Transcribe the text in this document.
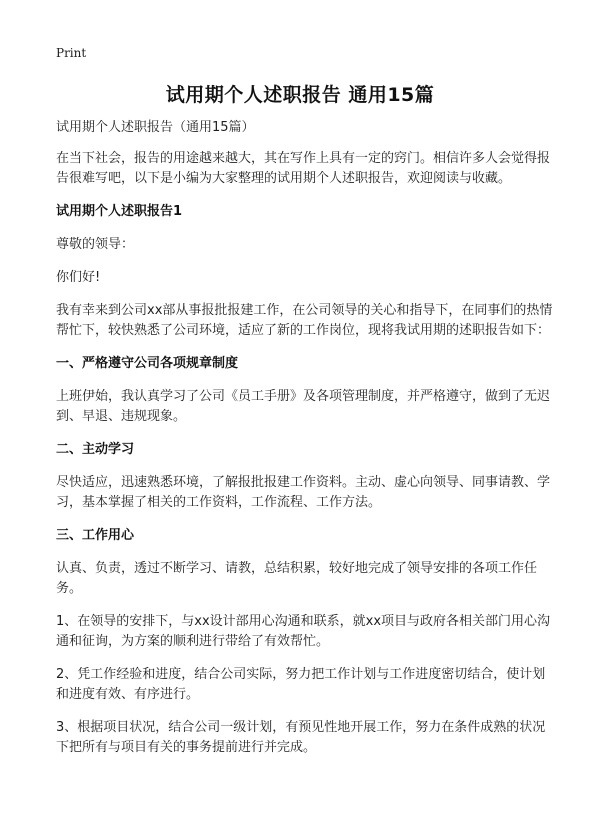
Print
试用期个人述职报告 通用15篇

试用期个人述职报告（通用15篇）

在当下社会，报告的用途越来越大，其在写作上具有一定的窍门。相信许多人会觉得报告很难写吧，以下是小编为大家整理的试用期个人述职报告，欢迎阅读与收藏。

试用期个人述职报告1

尊敬的领导：

你们好!

我有幸来到公司xx部从事报批报建工作，在公司领导的关心和指导下，在同事们的热情帮忙下，较快熟悉了公司环境，适应了新的工作岗位，现将我试用期的述职报告如下：

一、严格遵守公司各项规章制度

上班伊始，我认真学习了公司《员工手册》及各项管理制度，并严格遵守，做到了无迟到、早退、违规现象。

二、主动学习

尽快适应，迅速熟悉环境，了解报批报建工作资料。主动、虚心向领导、同事请教、学习，基本掌握了相关的工作资料，工作流程、工作方法。

三、工作用心

认真、负责，透过不断学习、请教，总结积累，较好地完成了领导安排的各项工作任务。

1、在领导的安排下，与xx设计部用心沟通和联系，就xx项目与政府各相关部门用心沟通和征询，为方案的顺利进行带给了有效帮忙。

2、凭工作经验和进度，结合公司实际，努力把工作计划与工作进度密切结合，使计划和进度有效、有序进行。

3、根据项目状况，结合公司一级计划，有预见性地开展工作，努力在条件成熟的状况下把所有与项目有关的事务提前进行并完成。
